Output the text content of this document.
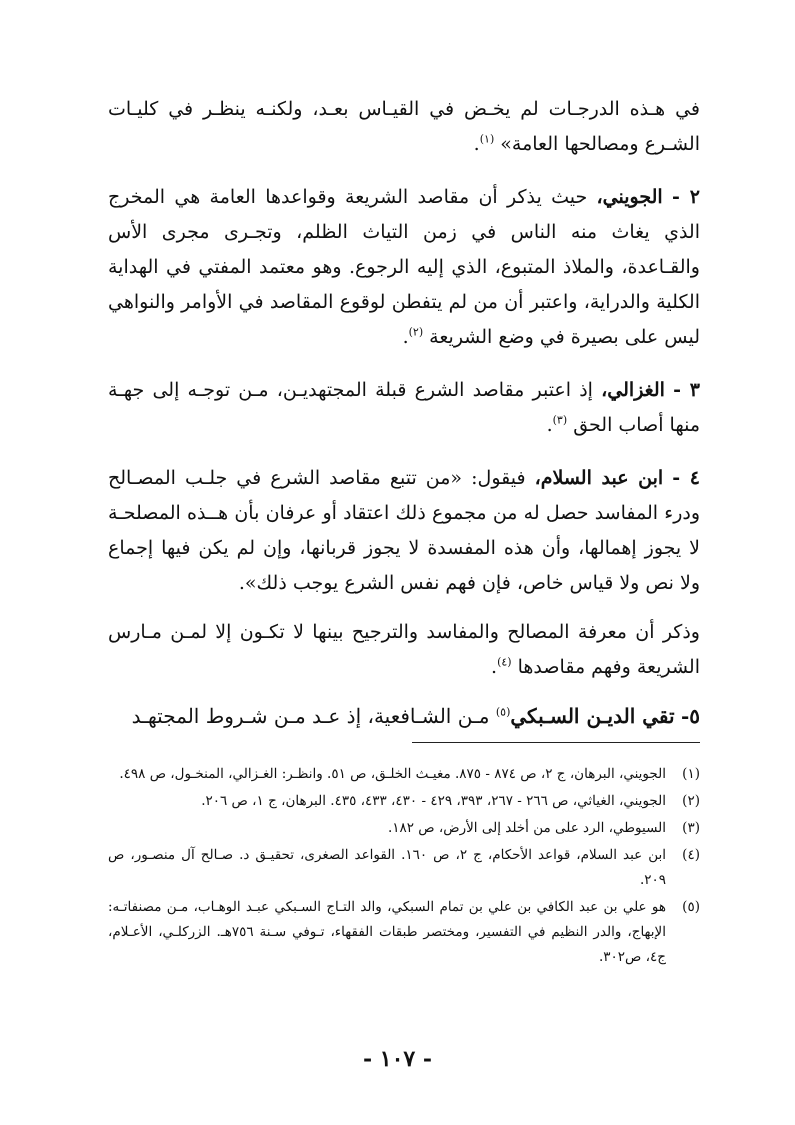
في هـذه الدرجـات لم يخـض في القيـاس بعـد، ولكنـه ينظـر في كليـات الشـرع ومصالحها العامة» $^{(١)}$.

٢ - الجويني، حيث يذكر أن مقاصد الشريعة وقواعدها العامة هي المخرج الذي يغاث منه الناس في زمن التياث الظلم، وتجـرى مجرى الأس والقـاعدة، والملاذ المتبوع، الذي إليه الرجوع. وهو معتمد المفتي في الهداية الكلية والدراية، واعتبر أن من لم يتفطن لوقوع المقاصد في الأوامر والنواهي ليس على بصيرة في وضع الشريعة $^{(٢)}$.

٣ - الغزالي، إذ اعتبر مقاصد الشرع قبلة المجتهديـن، مـن توجـه إلى جهـة منها أصاب الحق $^{(٣)}$.

٤ - ابن عبد السلام، فيقول: «من تتبع مقاصد الشرع في جلـب المصـالح ودرء المفاسد حصل له من مجموع ذلك اعتقاد أو عرفان بأن هــذه المصلحـة لا يجوز إهمالها، وأن هذه المفسدة لا يجوز قربانها، وإن لم يكن فيها إجماع ولا نص ولا قياس خاص، فإن فهم نفس الشرع يوجب ذلك».

وذكر أن معرفة المصالح والمفاسد والترجيح بينها لا تكـون إلا لمـن مـارس الشريعة وفهم مقاصدها $^{(٤)}$.

٥- تقي الديـن السـبكي$^{(٥)}$ مـن الشـافعية، إذ عـد مـن شـروط المجتهـد

(١)
الجويني، البرهان، ج ٢، ص ٨٧٤ - ٨٧٥. مغيـث الخلـق، ص ٥١. وانظـر: الغـزالي، المنخـول، ص ٤٩٨.
(٢)
الجويني، الغياثي، ص ٢٦٦ - ٢٦٧، ٣٩٣، ٤٢٩ - ٤٣٠، ٤٣٣، ٤٣٥. البرهان، ج ١، ص ٢٠٦.
(٣)
السيوطي، الرد على من أخلد إلى الأرض، ص ١٨٢.
(٤)
ابن عبد السلام، قواعد الأحكام، ج ٢، ص ١٦٠. القواعد الصغرى، تحقيـق د. صـالح آل منصـور، ص ٢٠٩.
(٥)
هو علي بن عبد الكافي بن علي بن تمام السبكي، والد التـاج السـبكي عبـد الوهـاب، مـن مصنفاتـه: الإبهاج، والدر النظيم في التفسير، ومختصر طبقات الفقهاء، تـوفي سـنة ٧٥٦هـ. الزركلـي، الأعـلام، ج٤، ص٣٠٢.
- ١٠٧ -
